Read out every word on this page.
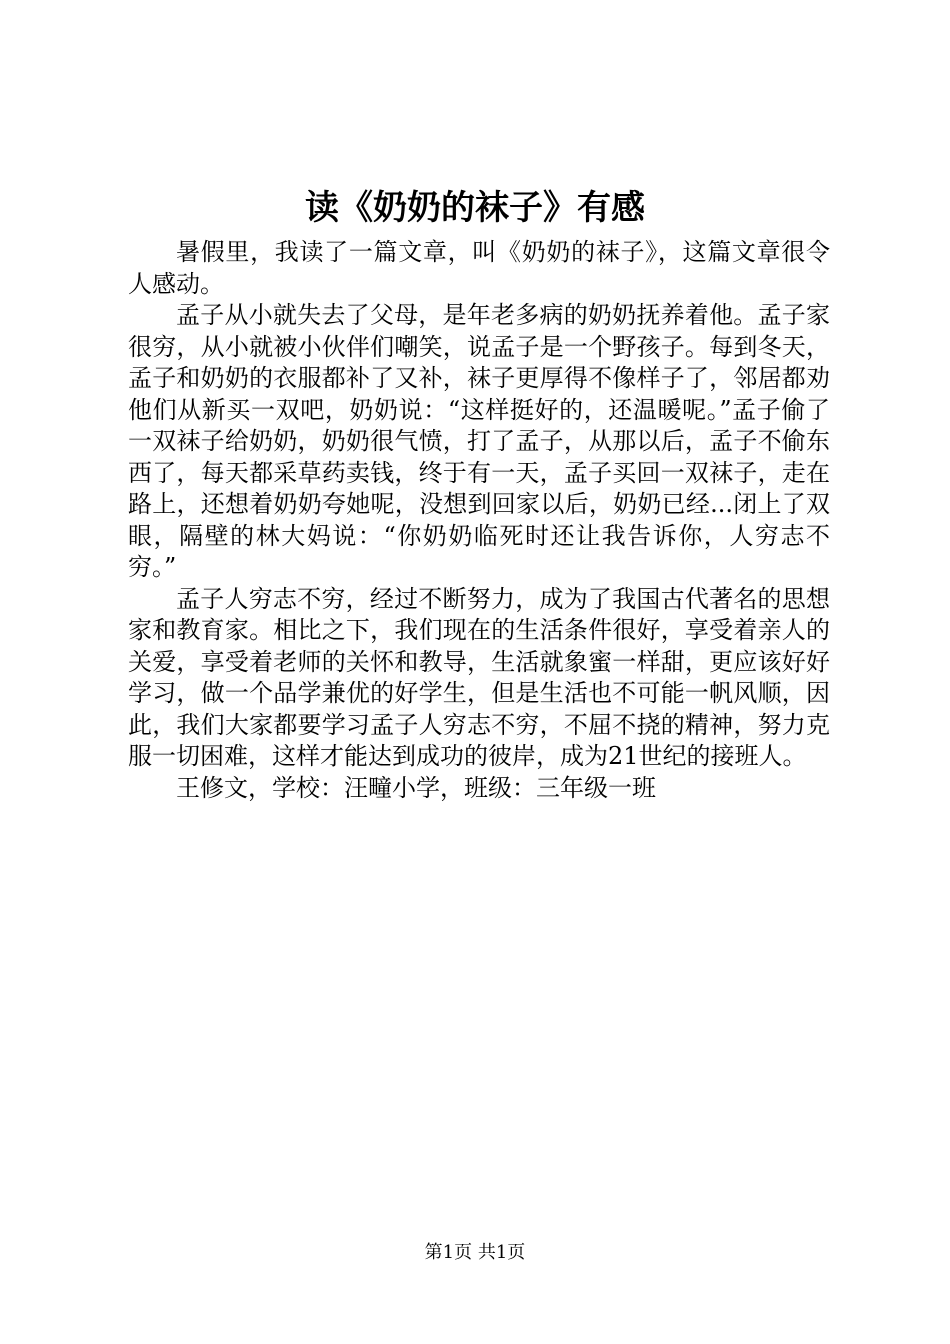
读《奶奶的袜子》有感

暑假里，我读了一篇文章，叫《奶奶的袜子》，这篇文章很令人感动。

孟子从小就失去了父母，是年老多病的奶奶抚养着他。孟子家很穷，从小就被小伙伴们嘲笑，说孟子是一个野孩子。每到冬天，孟子和奶奶的衣服都补了又补，袜子更厚得不像样子了，邻居都劝他们从新买一双吧，奶奶说：“这样挺好的，还温暖呢。”孟子偷了一双袜子给奶奶，奶奶很气愤，打了孟子，从那以后，孟子不偷东西了，每天都采草药卖钱，终于有一天，孟子买回一双袜子，走在路上，还想着奶奶夸她呢，没想到回家以后，奶奶已经...闭上了双眼，隔壁的林大妈说：“你奶奶临死时还让我告诉你，人穷志不穷。”

孟子人穷志不穷，经过不断努力，成为了我国古代著名的思想家和教育家。相比之下，我们现在的生活条件很好，享受着亲人的关爱，享受着老师的关怀和教导，生活就象蜜一样甜，更应该好好学习，做一个品学兼优的好学生，但是生活也不可能一帆风顺，因此，我们大家都要学习孟子人穷志不穷，不屈不挠的精神，努力克服一切困难，这样才能达到成功的彼岸，成为21世纪的接班人。

王修文，学校：汪疃小学，班级：三年级一班

第1页 共1页
